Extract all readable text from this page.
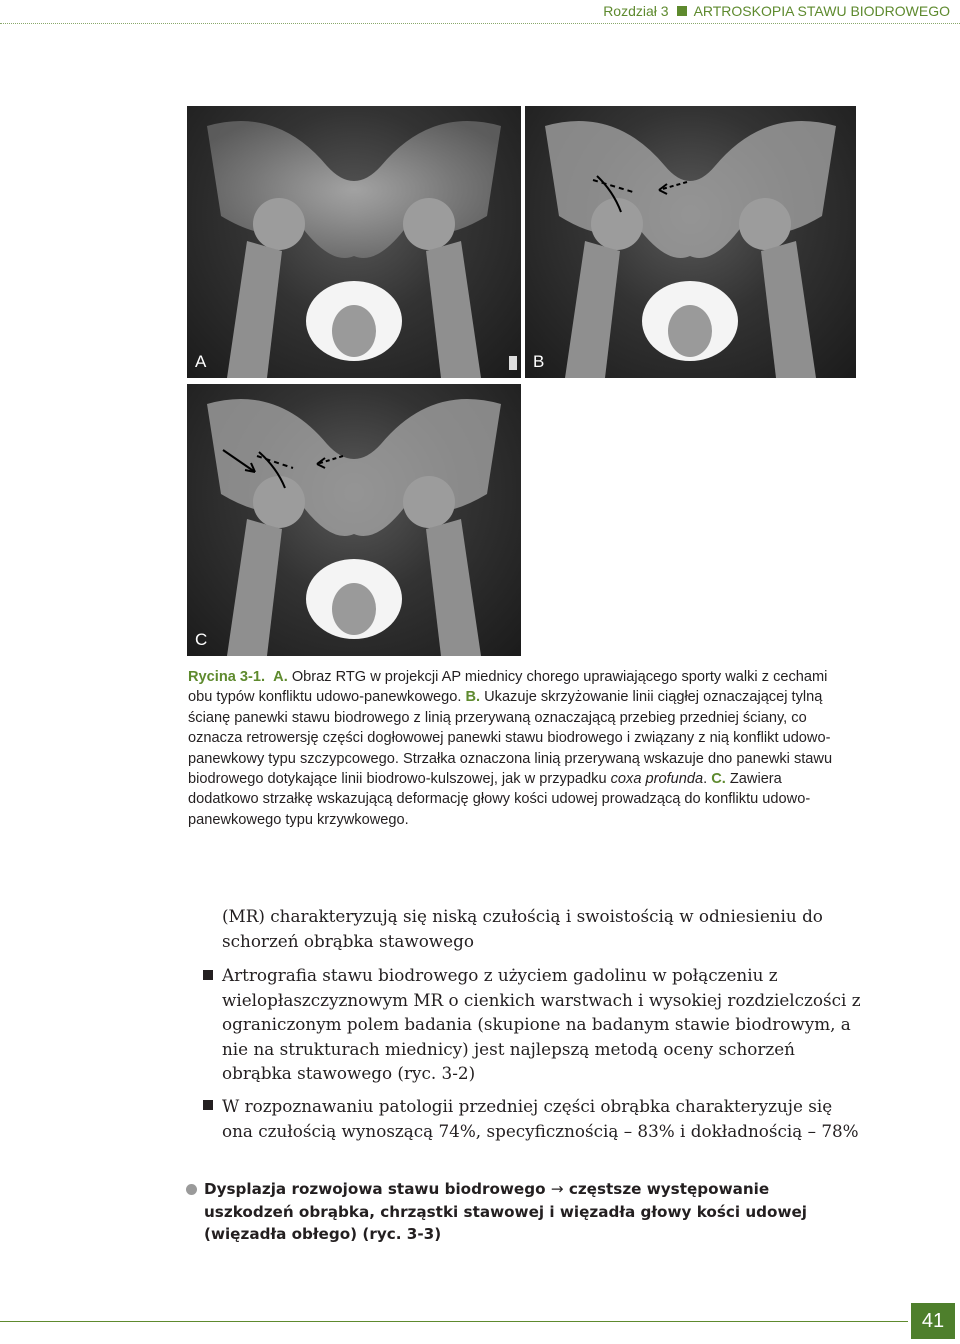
Rozdział 3 ARTROSKOPIA STAWU BIODROWEGO
A	B
C
Rycina 3-1. A. Obraz RTG w projekcji AP miednicy chorego uprawiającego sporty walki z cechami obu typów konfliktu udowo-panewkowego. B. Ukazuje skrzyżowanie linii ciągłej oznaczającej tylną ścianę panewki stawu biodrowego z linią przerywaną oznaczającą przebieg przedniej ściany, co oznacza retrowersję części dogłowowej panewki stawu biodrowego i związany z nią konflikt udowo-panewkowy typu szczypcowego. Strzałka oznaczona linią przerywaną wskazuje dno panewki stawu biodrowego dotykające linii biodrowo-kulszowej, jak w przypadku coxa profunda. C. Zawiera dodatkowo strzałkę wskazującą deformację głowy kości udowej prowadzącą do konfliktu udowo-panewkowego typu krzywkowego.
(MR) charakteryzują się niską czułością i swoistością w odniesieniu do schorzeń obrąbka stawowego
Artrografia stawu biodrowego z użyciem gadolinu w połączeniu z wielopłaszczyznowym MR o cienkich warstwach i wysokiej rozdzielczości z ograniczonym polem badania (skupione na badanym stawie biodrowym, a nie na strukturach miednicy) jest najlepszą metodą oceny schorzeń obrąbka stawowego (ryc. 3-2)
W rozpoznawaniu patologii przedniej części obrąbka charakteryzuje się ona czułością wynoszącą 74%, specyficznością – 83% i dokładnością – 78%
Dysplazja rozwojowa stawu biodrowego → częstsze występowanie uszkodzeń obrąbka, chrząstki stawowej i więzadła głowy kości udowej (więzadła obłego) (ryc. 3-3)
41
